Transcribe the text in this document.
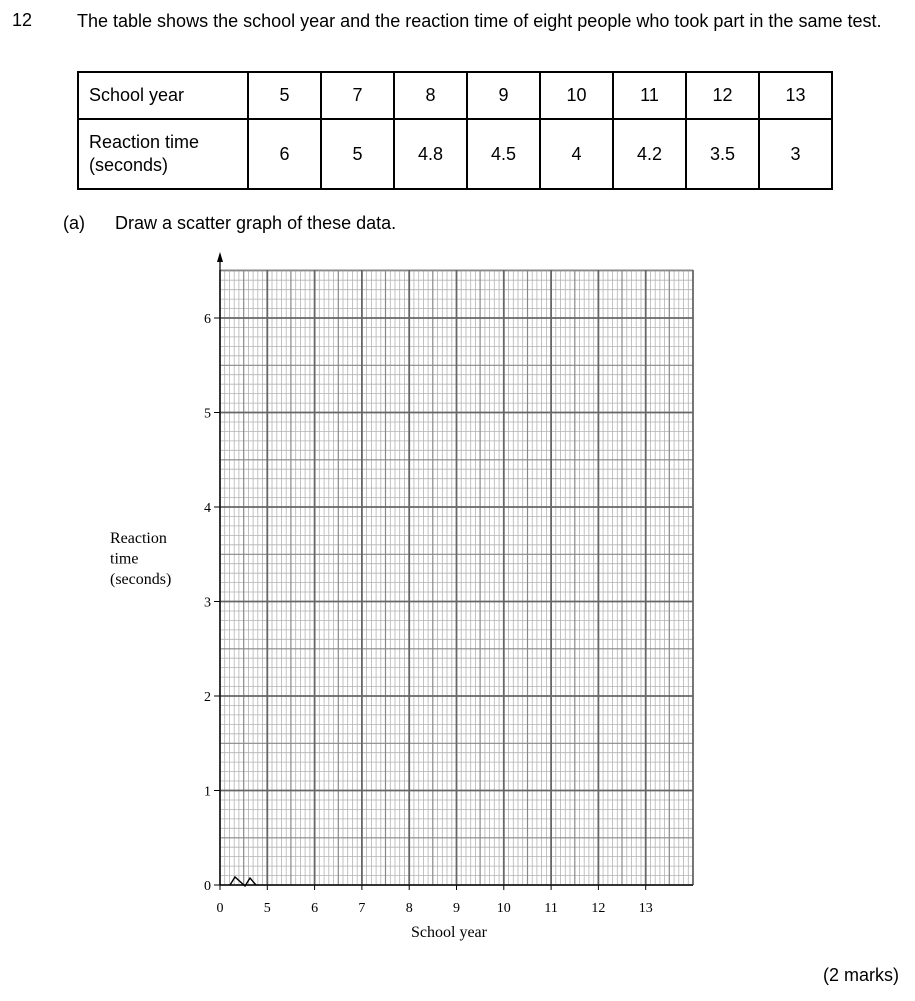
12 The table shows the school year and the reaction time of eight people who took part in the same test.
School year	5	7	8	9	10	11	12	13

Reaction time
(seconds)	6	5	4.8	4.5	4	4.2	3.5	3
(a) Draw a scatter graph of these data.
0
1
2
3
4
5
6
0	5	6	7	8	9	10 11 12 13
School year
Reaction
time
(seconds)
(2 marks)
